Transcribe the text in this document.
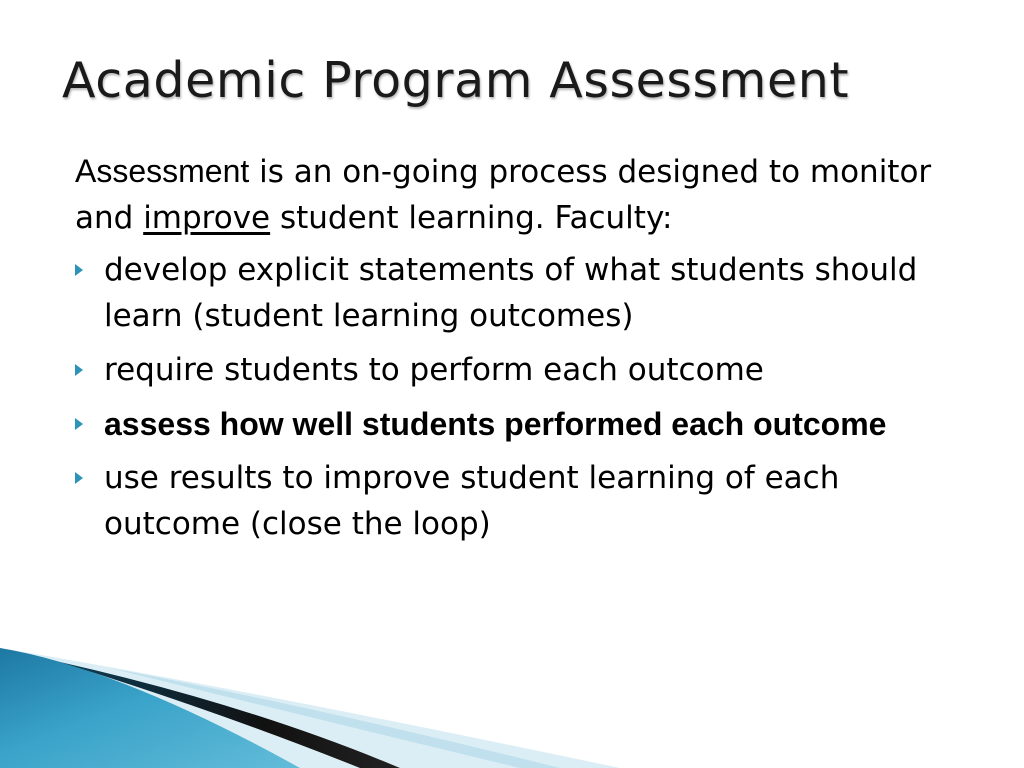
Academic Program Assessment

Assessment is an on-going process designed to monitor and improve student learning. Faculty:

develop explicit statements of what students should learn (student learning outcomes)
require students to perform each outcome
assess how well students performed each outcome
use results to improve student learning of each outcome (close the loop)
